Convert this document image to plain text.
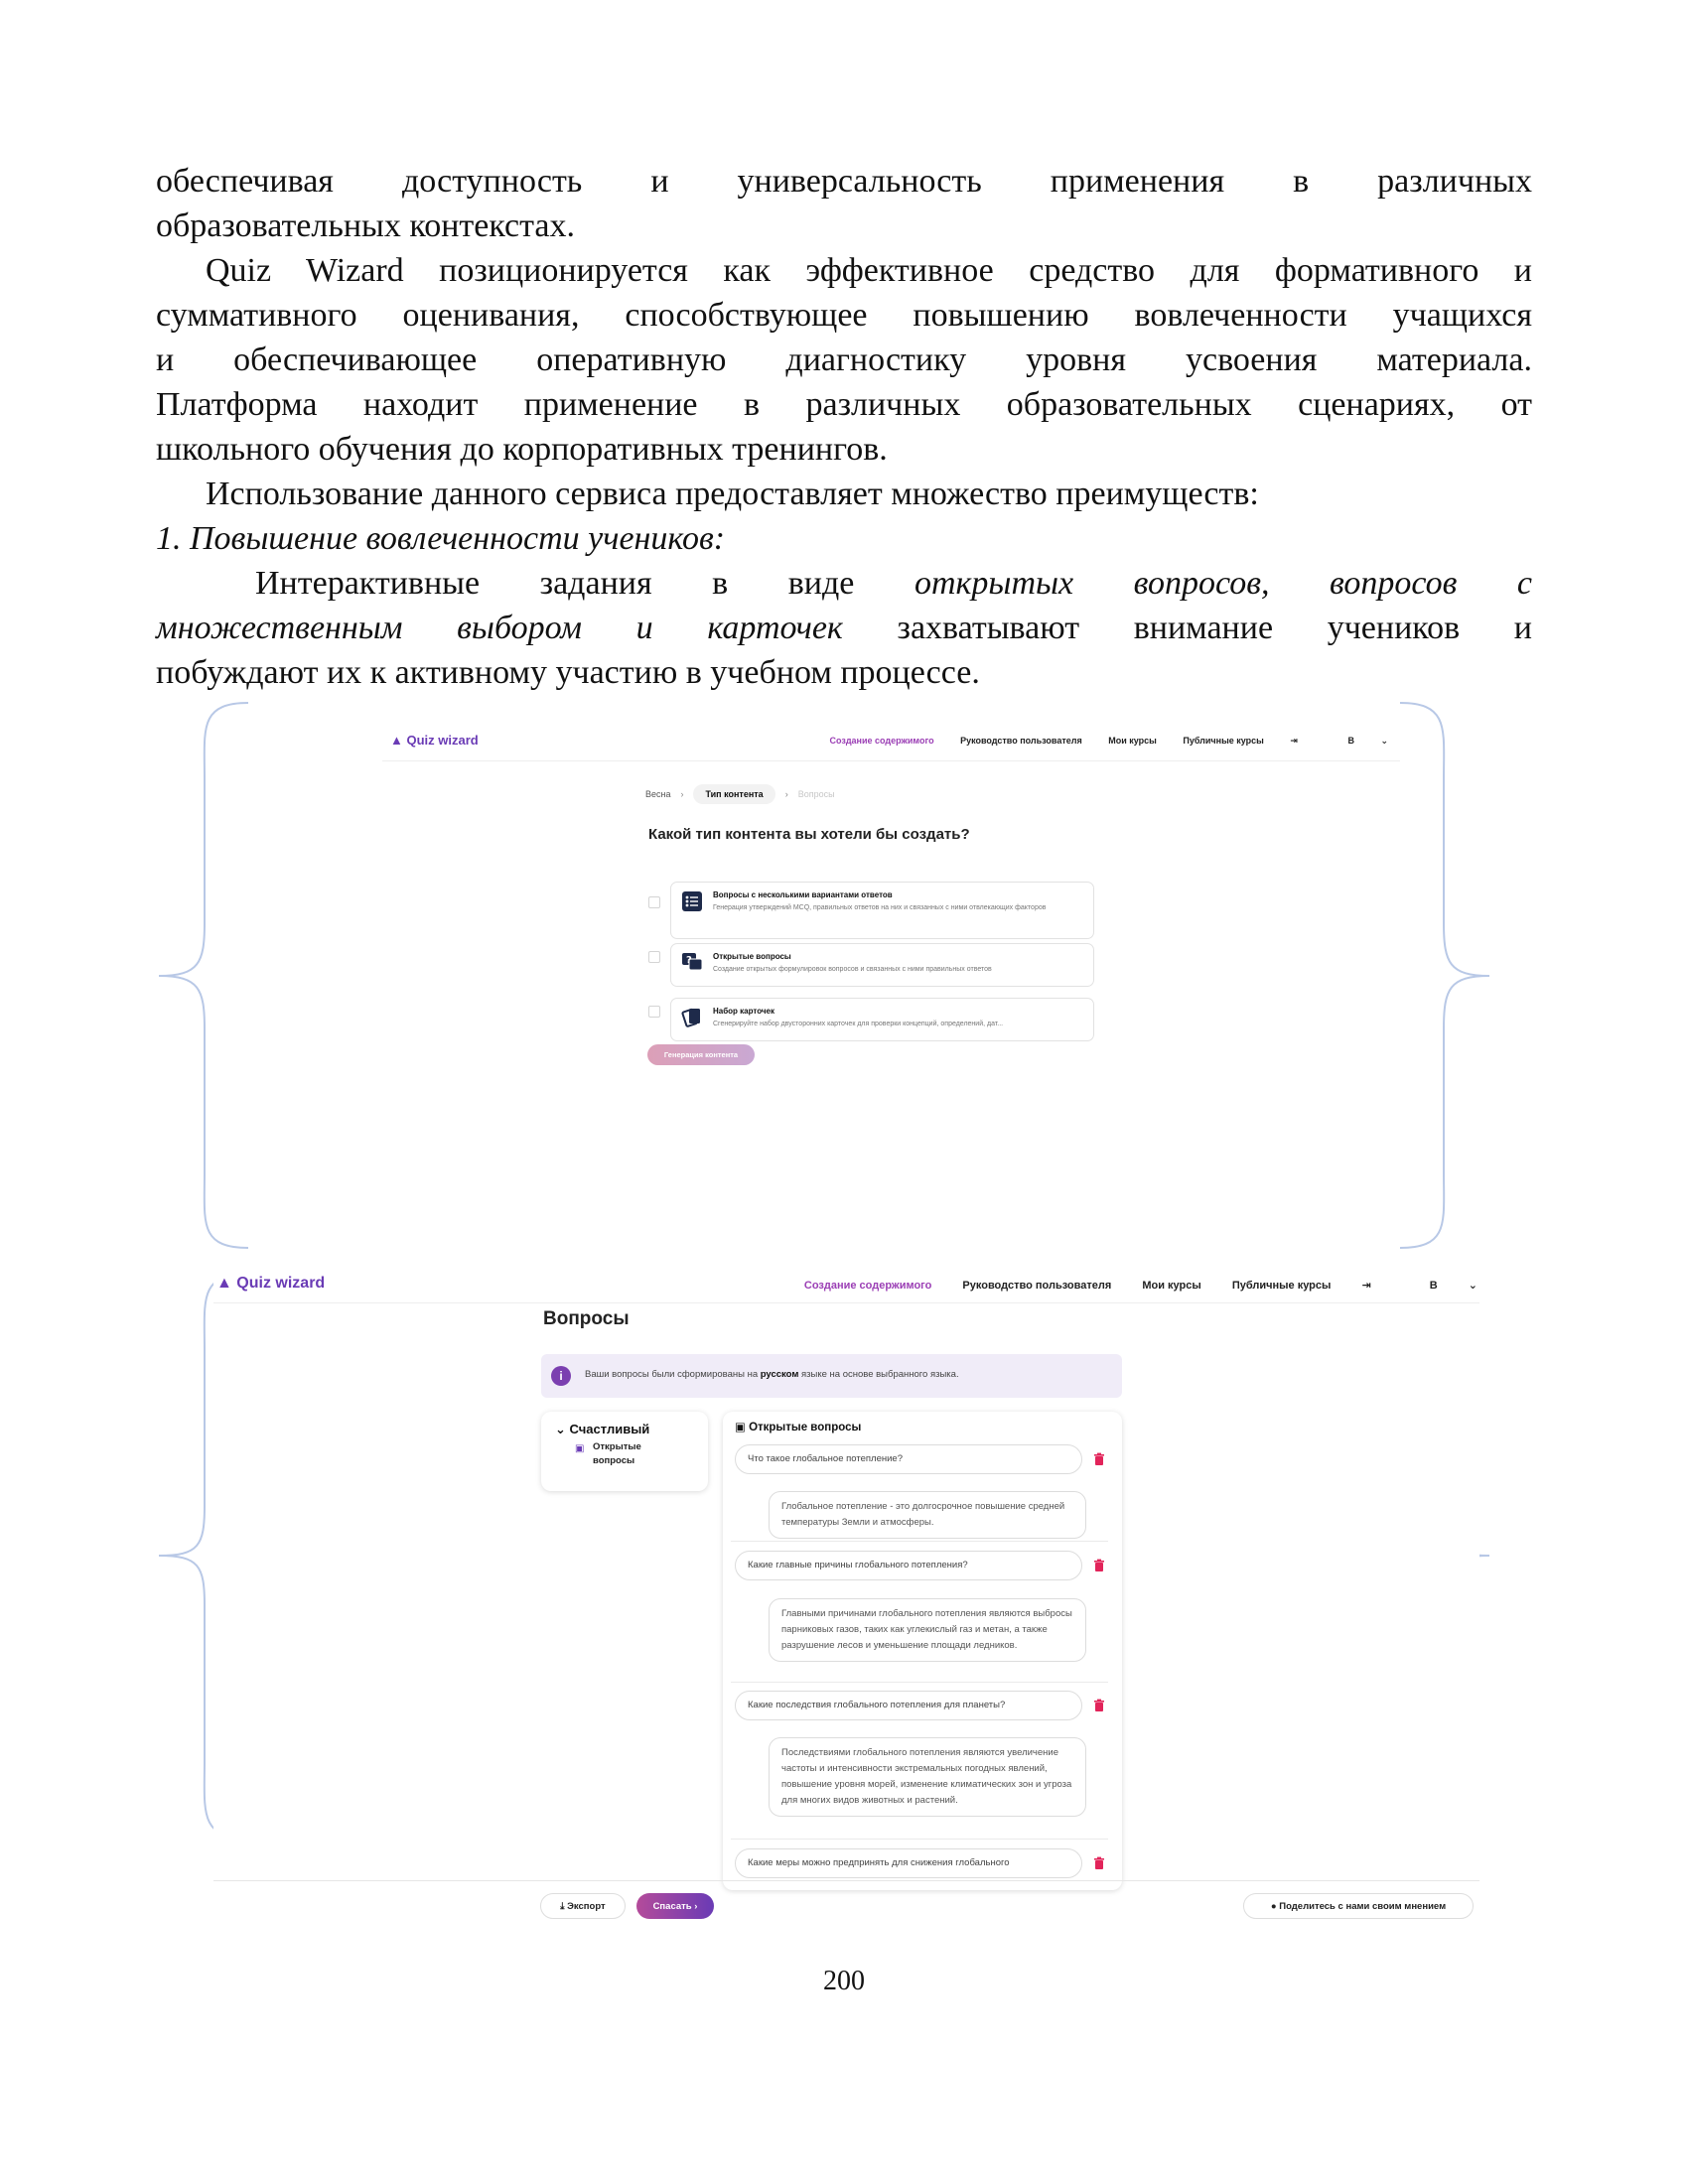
обеспечивая доступность и универсальность применения в различных

образовательных контекстах.

Quiz Wizard позиционируется как эффективное средство для формативного и

суммативного оценивания, способствующее повышению вовлеченности учащихся

и обеспечивающее оперативную диагностику уровня усвоения материала.

Платформа находит применение в различных образовательных сценариях, от

школьного обучения до корпоративных тренингов.

Использование данного сервиса предоставляет множество преимуществ:

1. Повышение вовлеченности учеников:

Интерактивные задания в виде открытых вопросов, вопросов с

множественным выбором и карточек захватывают внимание учеников и

побуждают их к активному участию в учебном процессе.

▲ Quiz wizard	Создание содержимого	Руководство пользователя	Мои курсы	Публичные курсы	⇥	В	⌄
Весна › Тип контента › Вопросы
Какой тип контента вы хотели бы создать?
Вопросы с несколькими вариантами ответов
Генерация утверждений MCQ, правильных ответов на них и связанных с ними отвлекающих факторов
?	Открытые вопросы
Создание открытых формулировок вопросов и связанных с ними правильных ответов
Набор карточек
Сгенерируйте набор двусторонних карточек для проверки концепций, определений, дат...
Генерация контента
▲ Quiz wizard	Создание содержимого	Руководство пользователя	Мои курсы	Публичные курсы	⇥	В	⌄
Вопросы
i	Ваши вопросы были сформированы на русском языке на основе выбранного языка.
⌄ Счастливый
▣ Открытые вопросы
▣ Открытые вопросы
Что такое глобальное потепление?
Глобальное потепление - это долгосрочное повышение средней температуры Земли и атмосферы.
Какие главные причины глобального потепления?
Главными причинами глобального потепления являются выбросы парниковых газов, таких как углекислый газ и метан, а также разрушение лесов и уменьшение площади ледников.
Какие последствия глобального потепления для планеты?
Последствиями глобального потепления являются увеличение частоты и интенсивности экстремальных погодных явлений, повышение уровня морей, изменение климатических зон и угроза для многих видов животных и растений.
Какие меры можно предпринять для снижения глобального
⤓ Экспорт	Спасать ›	● Поделитесь с нами своим мнением
200
